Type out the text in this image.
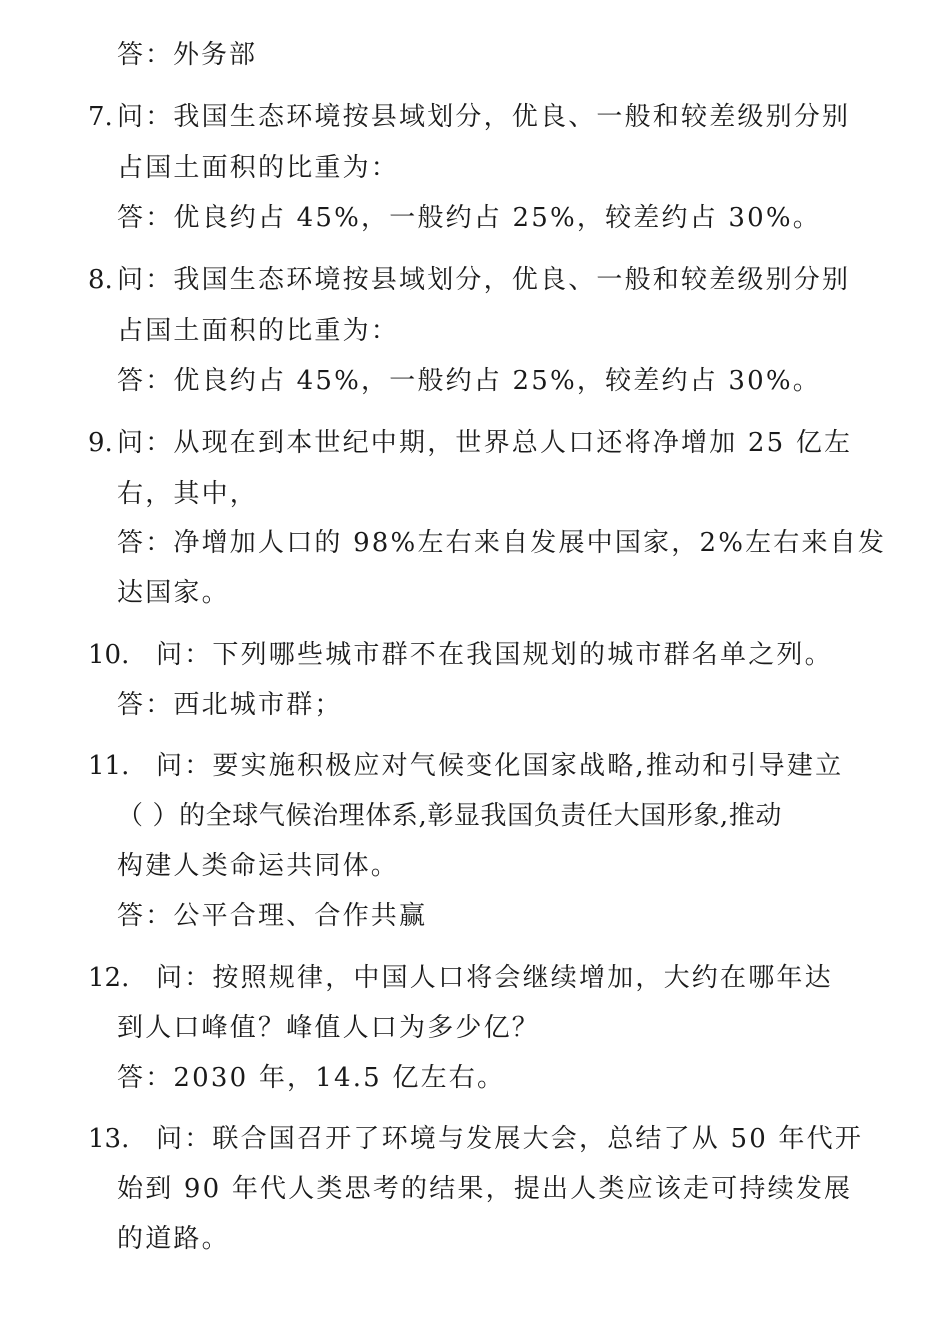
答：外务部
7. 问：我国生态环境按县域划分，优良、一般和较差级别分别
占国土面积的比重为：
答：优良约占 45%，一般约占 25%，较差约占 30%。
8. 问：我国生态环境按县域划分，优良、一般和较差级别分别
占国土面积的比重为：
答：优良约占 45%，一般约占 25%，较差约占 30%。
9. 问：从现在到本世纪中期，世界总人口还将净增加 25 亿左
右，其中，
答：净增加人口的 98%左右来自发展中国家，2%左右来自发
达国家。
10. 问：下列哪些城市群不在我国规划的城市群名单之列。
答：西北城市群；
11. 问：要实施积极应对气候变化国家战略,推动和引导建立
（ ）的全球气候治理体系,彰显我国负责任大国形象,推动
构建人类命运共同体。
答：公平合理、合作共赢
12. 问：按照规律，中国人口将会继续增加，大约在哪年达
到人口峰值？峰值人口为多少亿？
答：2030 年，14.5 亿左右。
13. 问：联合国召开了环境与发展大会，总结了从 50 年代开
始到 90 年代人类思考的结果，提出人类应该走可持续发展
的道路。
